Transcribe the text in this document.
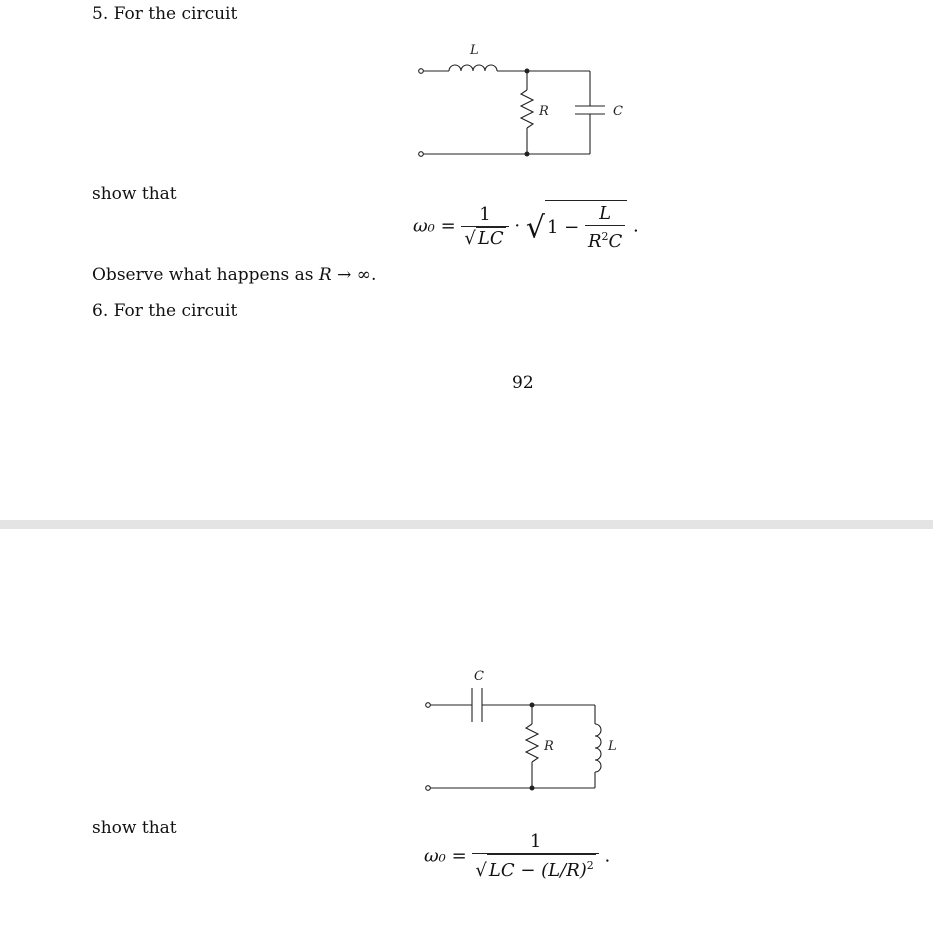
5. For the circuit
L
R	C
show that
$\omega_0 = \frac{1}{√ LC}$ · √ $1 - \frac{L}{R^2C}$ .
Observe what happens as R → ∞.
6. For the circuit
92
C
R	L
show that
$\omega_0 = \frac{1}{√ LC - (L/R)^2}$ .
